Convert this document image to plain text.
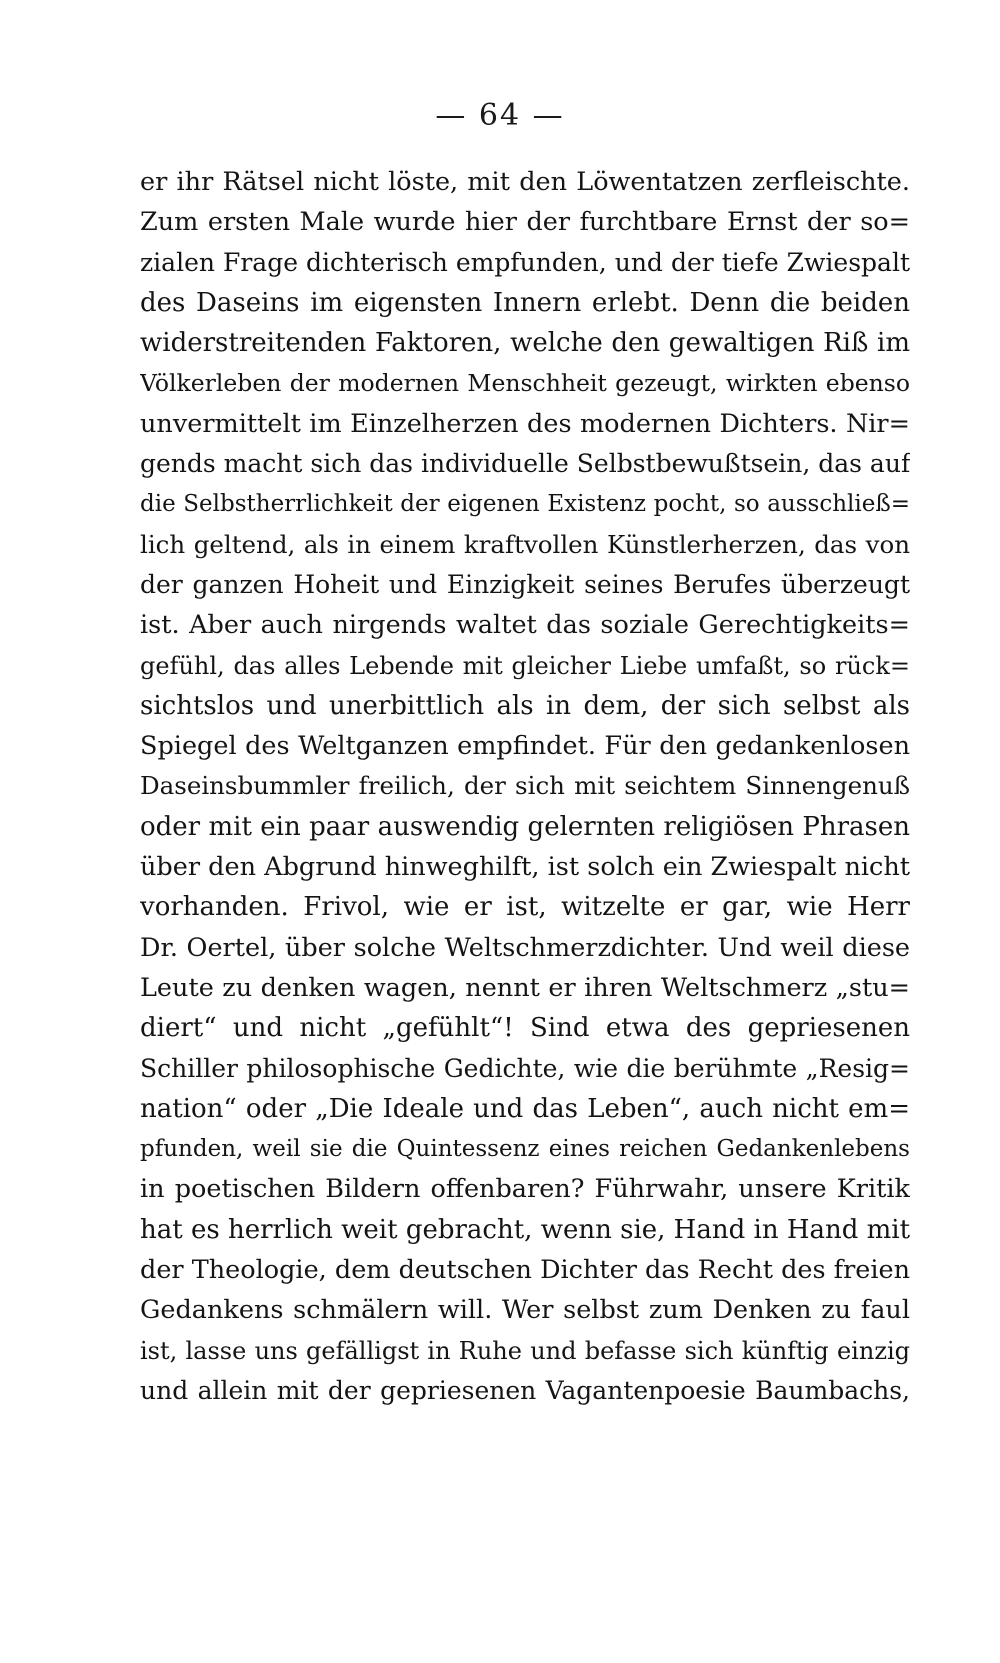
— 64 —
er ihr Rätsel nicht löste, mit den Löwentatzen zerfleischte.
Zum ersten Male wurde hier der furchtbare Ernst der so=
zialen Frage dichterisch empfunden, und der tiefe Zwiespalt
des Daseins im eigensten Innern erlebt. Denn die beiden
widerstreitenden Faktoren, welche den gewaltigen Riß im
Völkerleben der modernen Menschheit gezeugt, wirkten ebenso
unvermittelt im Einzelherzen des modernen Dichters. Nir=
gends macht sich das individuelle Selbstbewußtsein, das auf
die Selbstherrlichkeit der eigenen Existenz pocht, so ausschließ=
lich geltend, als in einem kraftvollen Künstlerherzen, das von
der ganzen Hoheit und Einzigkeit seines Berufes überzeugt
ist. Aber auch nirgends waltet das soziale Gerechtigkeits=
gefühl, das alles Lebende mit gleicher Liebe umfaßt, so rück=
sichtslos und unerbittlich als in dem, der sich selbst als
Spiegel des Weltganzen empfindet. Für den gedankenlosen
Daseinsbummler freilich, der sich mit seichtem Sinnengenuß
oder mit ein paar auswendig gelernten religiösen Phrasen
über den Abgrund hinweghilft, ist solch ein Zwiespalt nicht
vorhanden. Frivol, wie er ist, witzelte er gar, wie Herr
Dr. Oertel, über solche Weltschmerzdichter. Und weil diese
Leute zu denken wagen, nennt er ihren Weltschmerz „stu=
diert“ und nicht „gefühlt“! Sind etwa des gepriesenen
Schiller philosophische Gedichte, wie die berühmte „Resig=
nation“ oder „Die Ideale und das Leben“, auch nicht em=
pfunden, weil sie die Quintessenz eines reichen Gedankenlebens
in poetischen Bildern offenbaren? Führwahr, unsere Kritik
hat es herrlich weit gebracht, wenn sie, Hand in Hand mit
der Theologie, dem deutschen Dichter das Recht des freien
Gedankens schmälern will. Wer selbst zum Denken zu faul
ist, lasse uns gefälligst in Ruhe und befasse sich künftig einzig
und allein mit der gepriesenen Vagantenpoesie Baumbachs,
